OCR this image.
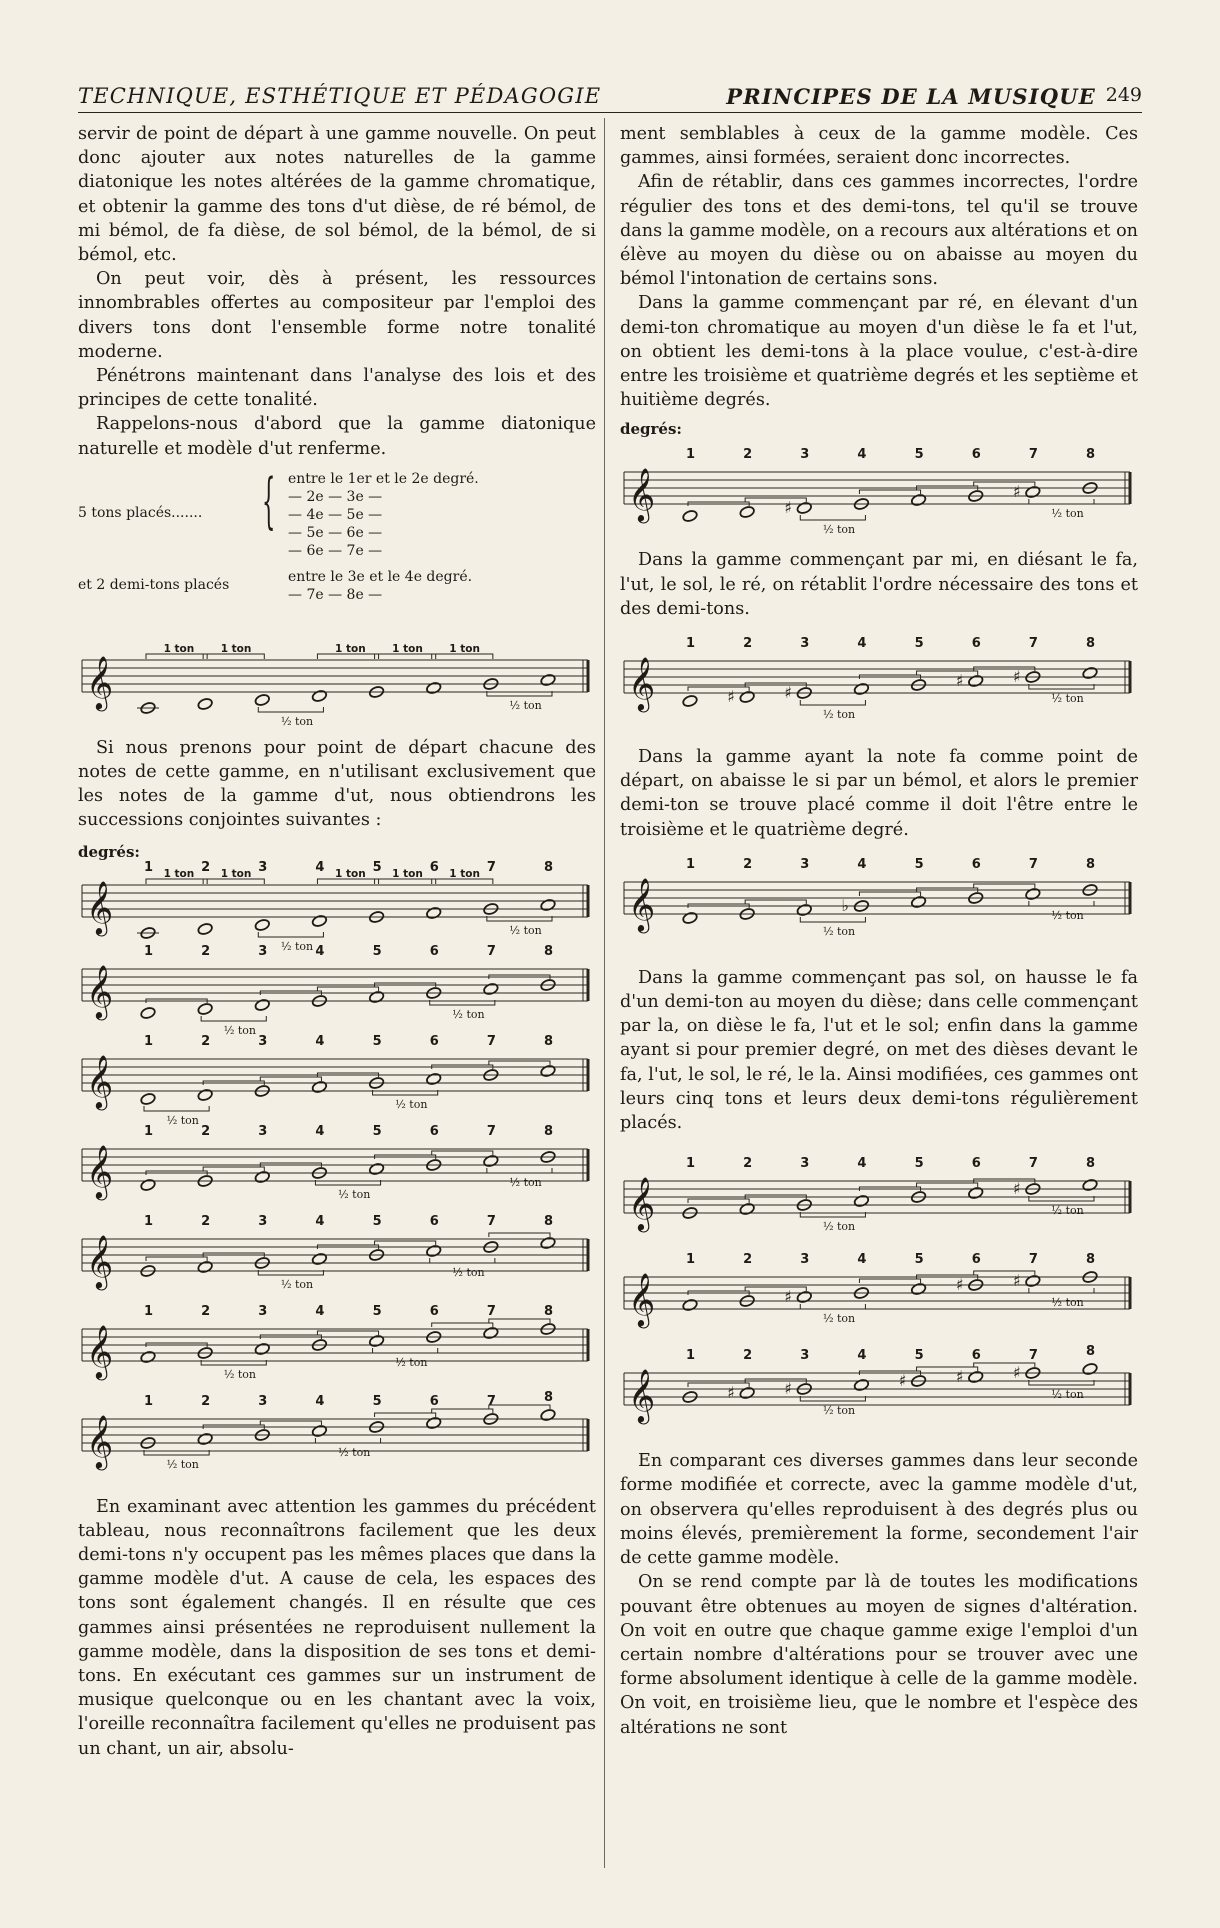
TECHNIQUE, ESTHÉTIQUE ET PÉDAGOGIE	PRINCIPES DE LA MUSIQUE 249

servir de point de départ à une gamme nouvelle. On peut donc ajouter aux notes naturelles de la gamme diatonique les notes altérées de la gamme chromatique, et obtenir la gamme des tons d'ut dièse, de ré bémol, de mi bémol, de fa dièse, de sol bémol, de la bémol, de si bémol, etc.

On peut voir, dès à présent, les ressources innombrables offertes au compositeur par l'emploi des divers tons dont l'ensemble forme notre tonalité moderne.

Pénétrons maintenant dans l'analyse des lois et des principes de cette tonalité.

Rappelons-nous d'abord que la gamme diatonique naturelle et modèle d'ut renferme.

5 tons placés....... { entre le 1er et le 2e degré.
— 2e — 3e —
— 4e — 5e —
— 5e — 6e —
— 6e — 7e —
et 2 demi-tons placés	entre le 3e et le 4e degré.
— 7e — 8e —
𝄞
1 ton	1 ton
½ ton
1 ton	1 ton	1 ton
½ ton

Si nous prenons pour point de départ chacune des notes de cette gamme, en n'utilisant exclusivement que les notes de la gamme d'ut, nous obtiendrons les successions conjointes suivantes :

degrés:
𝄞
1	2	3	4	5	6	7	8
1 ton	1 ton
½ ton
1 ton	1 ton	1 ton
½ ton
𝄞
1	2	3	4	5	6	7	8
½ ton
½ ton
𝄞
1	2	3	4	5	6	7	8
½ ton
½ ton
𝄞
1	2	3	4	5	6	7	8
½ ton
½ ton
𝄞
1	2	3	4	5	6	7	8
½ ton
½ ton
𝄞
1	2	3	4	5	6	7	8
½ ton
½ ton
𝄞
1	2	3	4	5	6	7	8
½ ton
½ ton

En examinant avec attention les gammes du précédent tableau, nous reconnaîtrons facilement que les deux demi-tons n'y occupent pas les mêmes places que dans la gamme modèle d'ut. A cause de cela, les espaces des tons sont également changés. Il en résulte que ces gammes ainsi présentées ne reproduisent nullement la gamme modèle, dans la disposition de ses tons et demi-tons. En exécutant ces gammes sur un instrument de musique quelconque ou en les chantant avec la voix, l'oreille reconnaîtra facilement qu'elles ne produisent pas un chant, un air, absolu-

ment semblables à ceux de la gamme modèle. Ces gammes, ainsi formées, seraient donc incorrectes.

Afin de rétablir, dans ces gammes incorrectes, l'ordre régulier des tons et des demi-tons, tel qu'il se trouve dans la gamme modèle, on a recours aux altérations et on élève au moyen du dièse ou on abaisse au moyen du bémol l'intonation de certains sons.

Dans la gamme commençant par ré, en élevant d'un demi-ton chromatique au moyen d'un dièse le fa et l'ut, on obtient les demi-tons à la place voulue, c'est-à-dire entre les troisième et quatrième degrés et les septième et huitième degrés.

degrés:
𝄞	♯
♯
1	2	3	4	5	6	7	8
½ ton
½ ton

Dans la gamme commençant par mi, en diésant le fa, l'ut, le sol, le ré, on rétablit l'ordre nécessaire des tons et des demi-tons.

𝄞	♯	♯
♯	♯
1	2	3	4	5	6	7	8
½ ton
½ ton

Dans la gamme ayant la note fa comme point de départ, on abaisse le si par un bémol, et alors le premier demi-ton se trouve placé comme il doit l'être entre le troisième et le quatrième degré.

𝄞	♭
1	2	3	4	5	6	7	8
½ ton
½ ton

Dans la gamme commençant pas sol, on hausse le fa d'un demi-ton au moyen du dièse; dans celle commençant par la, on dièse le fa, l'ut et le sol; enfin dans la gamme ayant si pour premier degré, on met des dièses devant le fa, l'ut, le sol, le ré, le la. Ainsi modifiées, ces gammes ont leurs cinq tons et leurs deux demi-tons régulièrement placés.

𝄞	♯
1	2	3	4	5	6	7	8
½ ton
½ ton
𝄞	♯
♯	♯
1	2	3	4	5	6	7	8
½ ton
½ ton
𝄞	♯	♯	♯	♯	♯
1	2	3	4	5	6	7	8
½ ton
½ ton

En comparant ces diverses gammes dans leur seconde forme modifiée et correcte, avec la gamme modèle d'ut, on observera qu'elles reproduisent à des degrés plus ou moins élevés, premièrement la forme, secondement l'air de cette gamme modèle.

On se rend compte par là de toutes les modifications pouvant être obtenues au moyen de signes d'altération. On voit en outre que chaque gamme exige l'emploi d'un certain nombre d'altérations pour se trouver avec une forme absolument identique à celle de la gamme modèle. On voit, en troisième lieu, que le nombre et l'espèce des altérations ne sont
